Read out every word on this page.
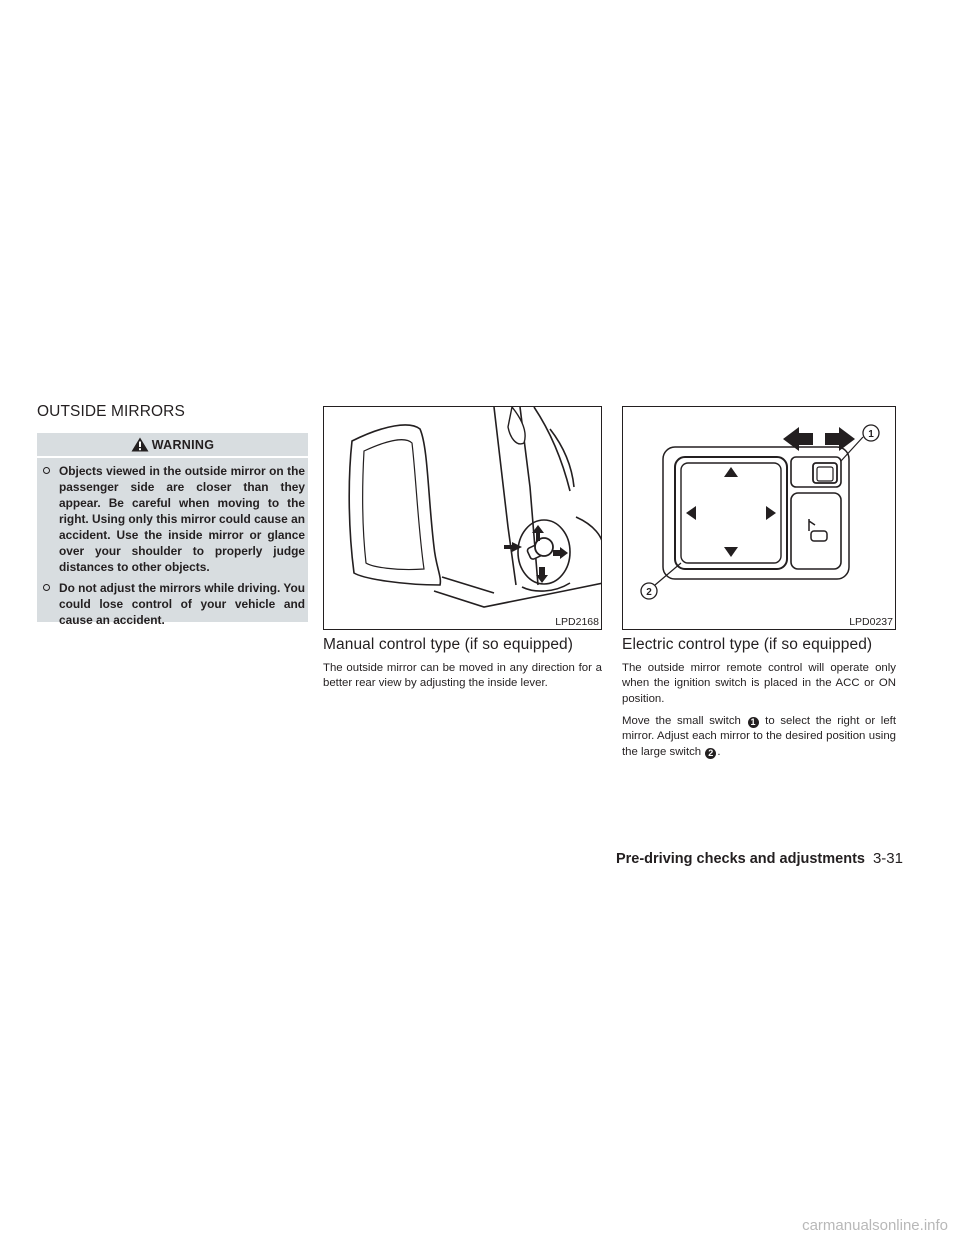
OUTSIDE MIRRORS
WARNING
Objects viewed in the outside mirror on the passenger side are closer than they appear. Be careful when moving to the right. Using only this mirror could cause an accident. Use the inside mirror or glance over your shoulder to properly judge distances to other objects.
Do not adjust the mirrors while driving. You could lose control of your vehicle and cause an accident.	LPD2168
1
2
LPD0237
Manual control type (if so equipped)

The outside mirror can be moved in any direction for a better rear view by adjusting the inside lever.

Electric control type (if so equipped)

The outside mirror remote control will operate only when the ignition switch is placed in the ACC or ON position.

Move the small switch 1 to select the right or left mirror. Adjust each mirror to the desired position using the large switch 2 .

Pre-driving checks and adjustments 3-31
carmanualsonline.info
